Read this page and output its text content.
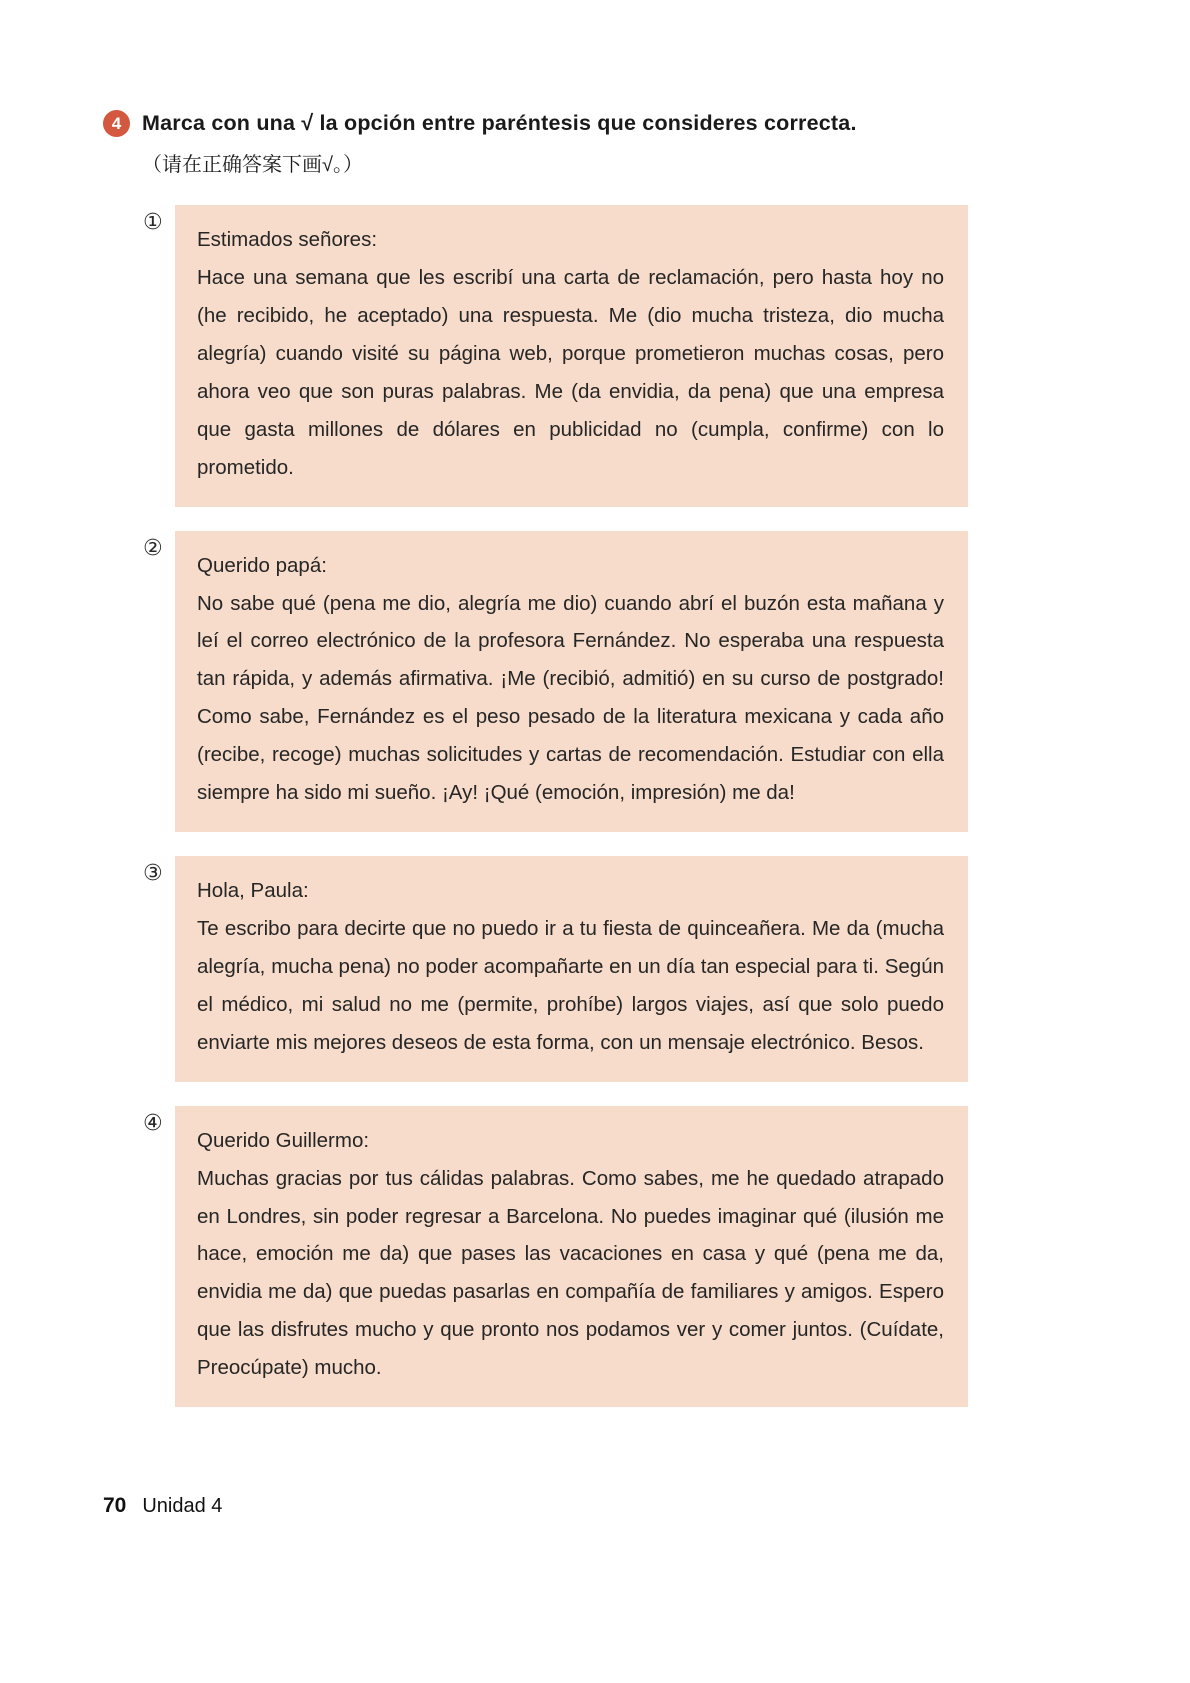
4 Marca con una √ la opción entre paréntesis que consideres correcta.
（请在正确答案下画√。）
①

Estimados señores:

Hace una semana que les escribí una carta de reclamación, pero hasta hoy no (he recibido, he aceptado) una respuesta. Me (dio mucha tristeza, dio mucha alegría) cuando visité su página web, porque prometieron muchas cosas, pero ahora veo que son puras palabras. Me (da envidia, da pena) que una empresa que gasta millones de dólares en publicidad no (cumpla, confirme) con lo prometido.

②

Querido papá:

No sabe qué (pena me dio, alegría me dio) cuando abrí el buzón esta mañana y leí el correo electrónico de la profesora Fernández. No esperaba una respuesta tan rápida, y además afirmativa. ¡Me (recibió, admitió) en su curso de postgrado! Como sabe, Fernández es el peso pesado de la literatura mexicana y cada año (recibe, recoge) muchas solicitudes y cartas de recomendación. Estudiar con ella siempre ha sido mi sueño. ¡Ay! ¡Qué (emoción, impresión) me da!

③

Hola, Paula:

Te escribo para decirte que no puedo ir a tu fiesta de quinceañera. Me da (mucha alegría, mucha pena) no poder acompañarte en un día tan especial para ti. Según el médico, mi salud no me (permite, prohíbe) largos viajes, así que solo puedo enviarte mis mejores deseos de esta forma, con un mensaje electrónico. Besos.

④

Querido Guillermo:

Muchas gracias por tus cálidas palabras. Como sabes, me he quedado atrapado en Londres, sin poder regresar a Barcelona. No puedes imaginar qué (ilusión me hace, emoción me da) que pases las vacaciones en casa y qué (pena me da, envidia me da) que puedas pasarlas en compañía de familiares y amigos. Espero que las disfrutes mucho y que pronto nos podamos ver y comer juntos. (Cuídate, Preocúpate) mucho.

70 Unidad 4
